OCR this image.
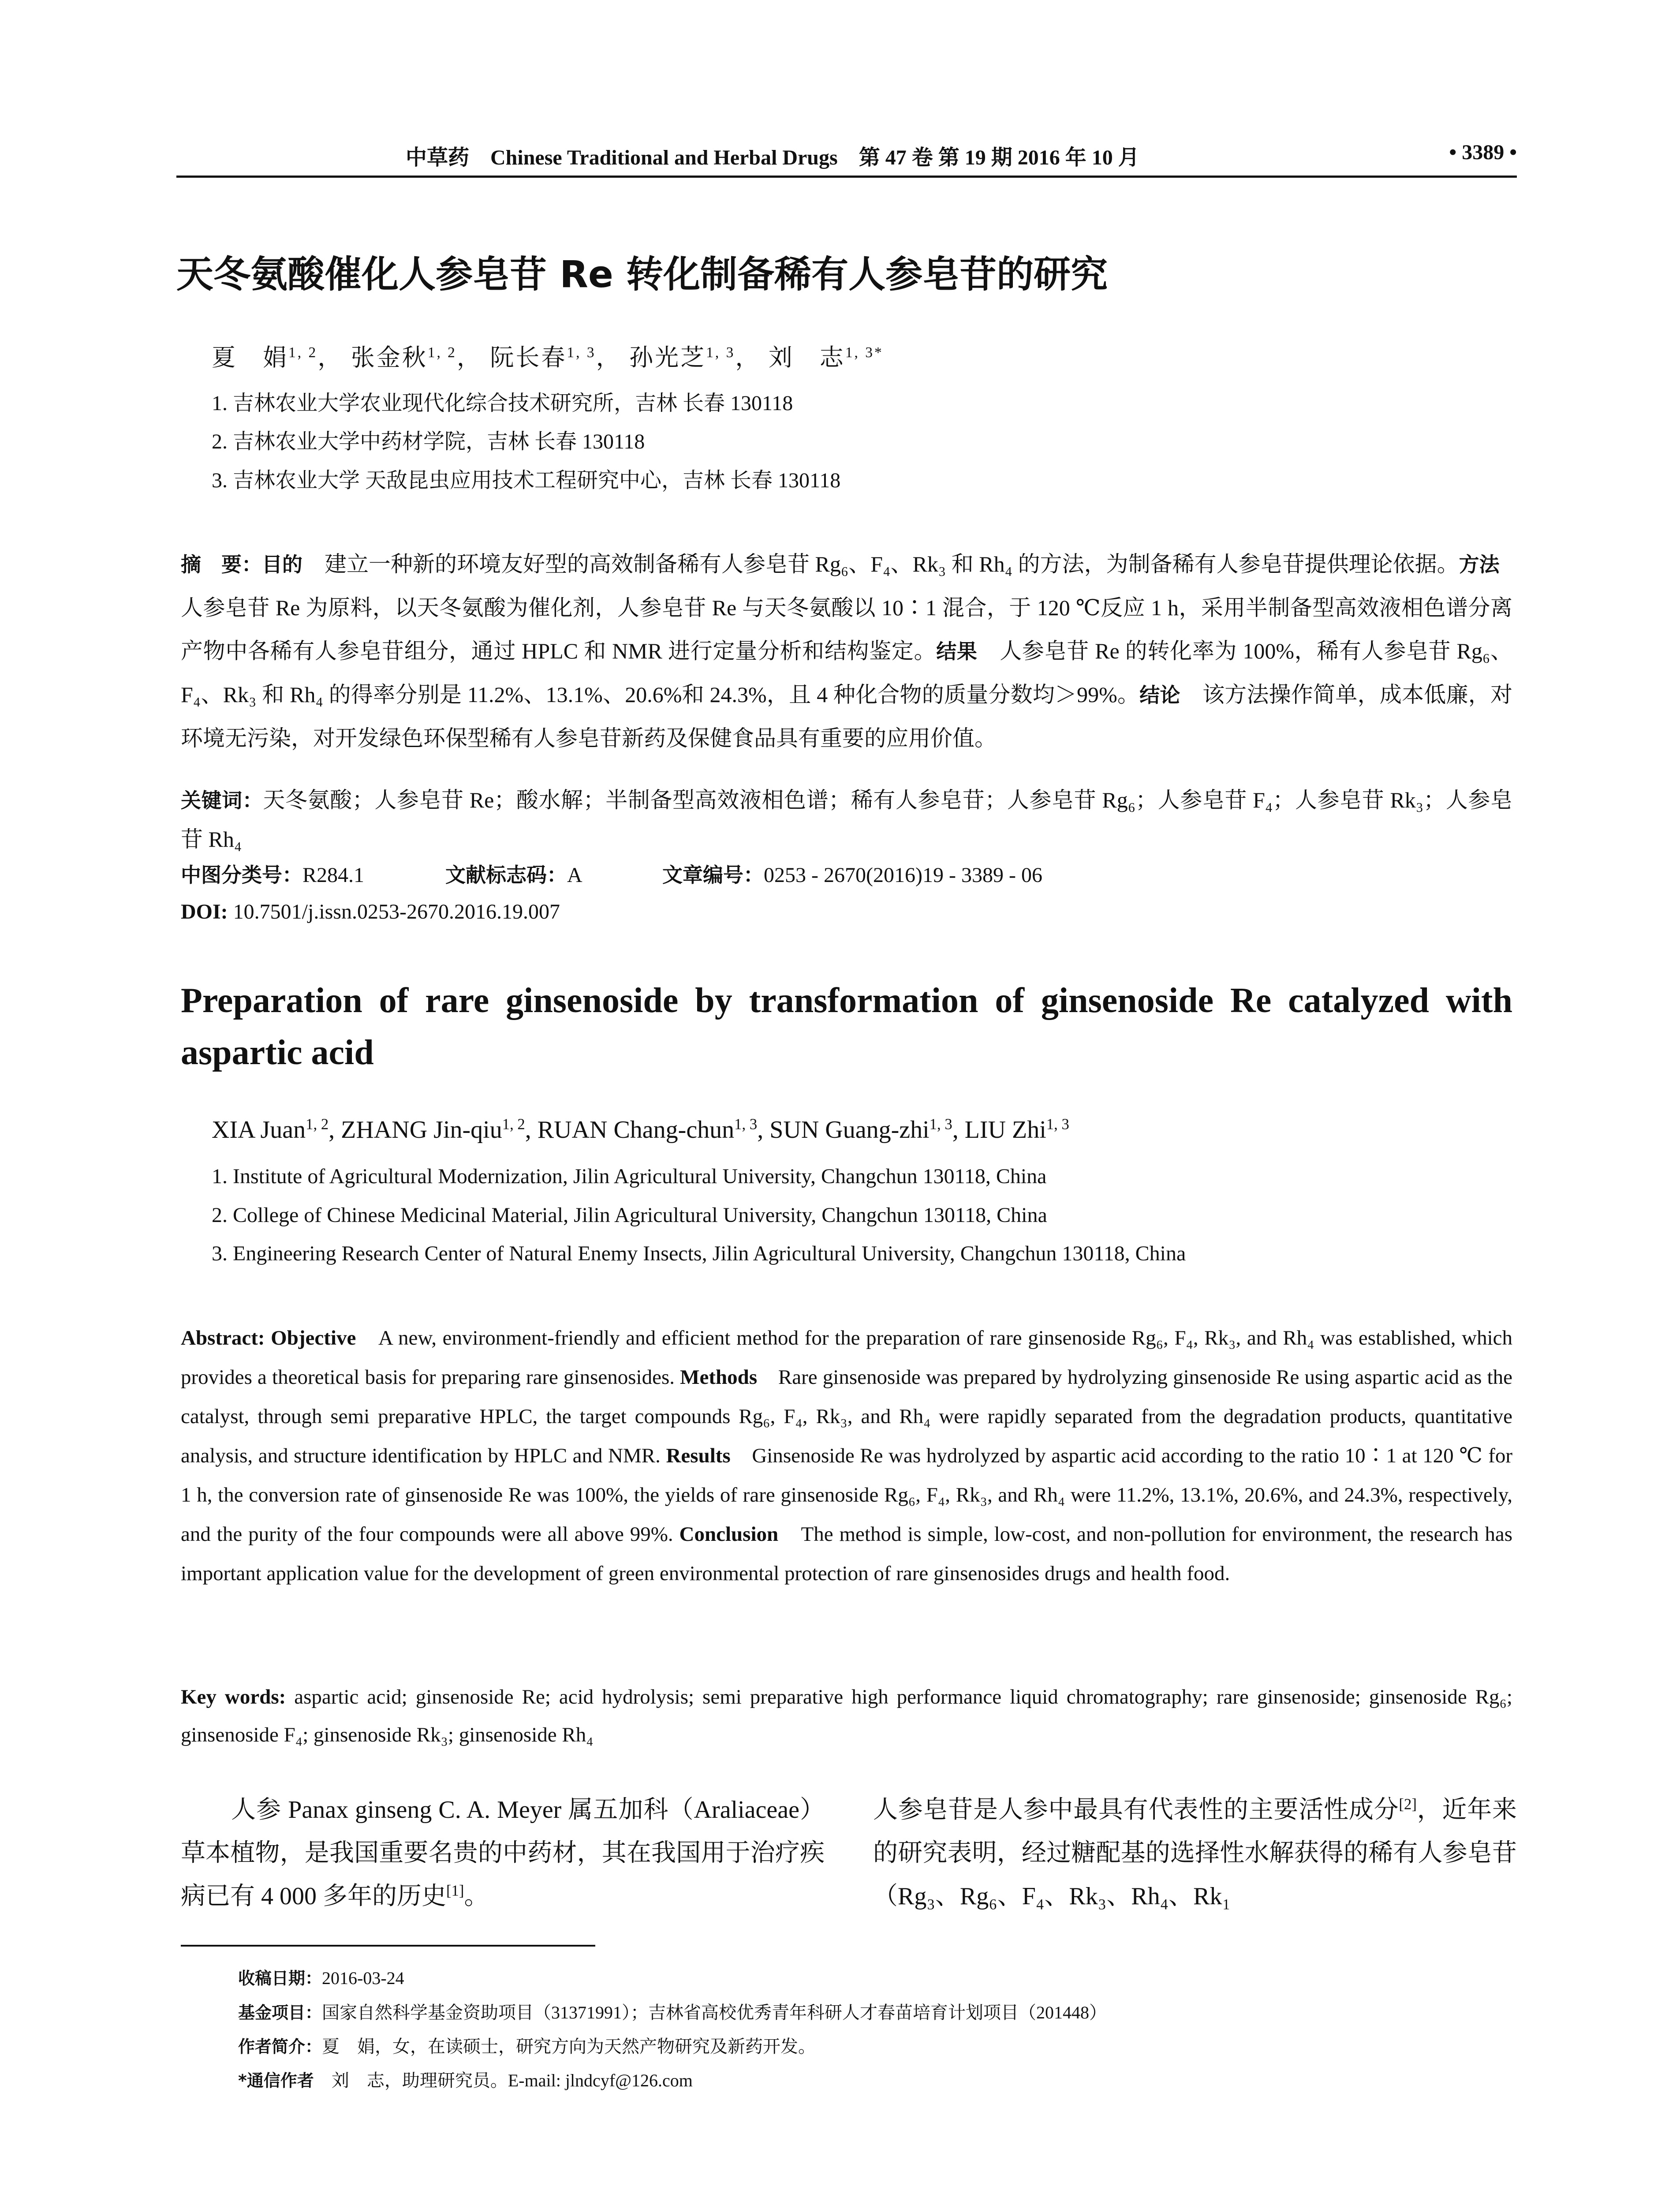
中草药 Chinese Traditional and Herbal Drugs 第 47 卷 第 19 期 2016 年 10 月	• 3389 •
天冬氨酸催化人参皂苷 Re 转化制备稀有人参皂苷的研究
夏　娟$^{1, 2}$， 张金秋$^{1, 2}$， 阮长春$^{1, 3}$， 孙光芝$^{1, 3}$， 刘　志$^{1, 3*}$
1. 吉林农业大学农业现代化综合技术研究所，吉林 长春 130118
2. 吉林农业大学中药材学院，吉林 长春 130118
3. 吉林农业大学 天敌昆虫应用技术工程研究中心，吉林 长春 130118
摘　要：目的　建立一种新的环境友好型的高效制备稀有人参皂苷 Rg₆、F₄、Rk₃ 和 Rh₄ 的方法，为制备稀有人参皂苷提供理论依据。方法　人参皂苷 Re 为原料，以天冬氨酸为催化剂，人参皂苷 Re 与天冬氨酸以 10∶1 混合，于 120 ℃反应 1 h，采用半制备型高效液相色谱分离产物中各稀有人参皂苷组分，通过 HPLC 和 NMR 进行定量分析和结构鉴定。结果　人参皂苷 Re 的转化率为 100%，稀有人参皂苷 Rg₆、F₄、Rk₃ 和 Rh₄ 的得率分别是 11.2%、13.1%、20.6%和 24.3%，且 4 种化合物的质量分数均＞99%。结论　该方法操作简单，成本低廉，对环境无污染，对开发绿色环保型稀有人参皂苷新药及保健食品具有重要的应用价值。
关键词：天冬氨酸；人参皂苷 Re；酸水解；半制备型高效液相色谱；稀有人参皂苷；人参皂苷 Rg₆；人参皂苷 F₄；人参皂苷 Rk₃；人参皂苷 Rh₄
中图分类号：R284.1	文献标志码：A	文章编号：0253 - 2670(2016)19 - 3389 - 06
DOI: 10.7501/j.issn.0253-2670.2016.19.007
Preparation of rare ginsenoside by transformation of ginsenoside Re catalyzed with aspartic acid
XIA Juan$^{1, 2}$, ZHANG Jin-qiu$^{1, 2}$, RUAN Chang-chun$^{1, 3}$, SUN Guang-zhi$^{1, 3}$, LIU Zhi$^{1, 3}$
1. Institute of Agricultural Modernization, Jilin Agricultural University, Changchun 130118, China
2. College of Chinese Medicinal Material, Jilin Agricultural University, Changchun 130118, China
3. Engineering Research Center of Natural Enemy Insects, Jilin Agricultural University, Changchun 130118, China
Abstract: Objective　A new, environment-friendly and efficient method for the preparation of rare ginsenoside Rg₆, F₄, Rk₃, and Rh₄ was established, which provides a theoretical basis for preparing rare ginsenosides. Methods　Rare ginsenoside was prepared by hydrolyzing ginsenoside Re using aspartic acid as the catalyst, through semi preparative HPLC, the target compounds Rg₆, F₄, Rk₃, and Rh₄ were rapidly separated from the degradation products, quantitative analysis, and structure identification by HPLC and NMR. Results　Ginsenoside Re was hydrolyzed by aspartic acid according to the ratio 10∶1 at 120 ℃ for 1 h, the conversion rate of ginsenoside Re was 100%, the yields of rare ginsenoside Rg₆, F₄, Rk₃, and Rh₄ were 11.2%, 13.1%, 20.6%, and 24.3%, respectively, and the purity of the four compounds were all above 99%. Conclusion　The method is simple, low-cost, and non-pollution for environment, the research has important application value for the development of green environmental protection of rare ginsenosides drugs and health food.
Key words: aspartic acid; ginsenoside Re; acid hydrolysis; semi preparative high performance liquid chromatography; rare ginsenoside; ginsenoside Rg₆; ginsenoside F₄; ginsenoside Rk₃; ginsenoside Rh₄
　　人参 Panax ginseng C. A. Meyer 属五加科（Araliaceae）草本植物，是我国重要名贵的中药材，其在我国用于治疗疾病已有 4 000 多年的历史[1]。
人参皂苷是人参中最具有代表性的主要活性成分[2]，近年来的研究表明，经过糖配基的选择性水解获得的稀有人参皂苷（Rg₃、Rg₆、F₄、Rk₃、Rh₄、Rk₁
收稿日期：2016-03-24
基金项目：国家自然科学基金资助项目（31371991）；吉林省高校优秀青年科研人才春苗培育计划项目（201448）
作者简介：夏　娟，女，在读硕士，研究方向为天然产物研究及新药开发。
*通信作者　刘　志，助理研究员。E-mail: jlndcyf@126.com
